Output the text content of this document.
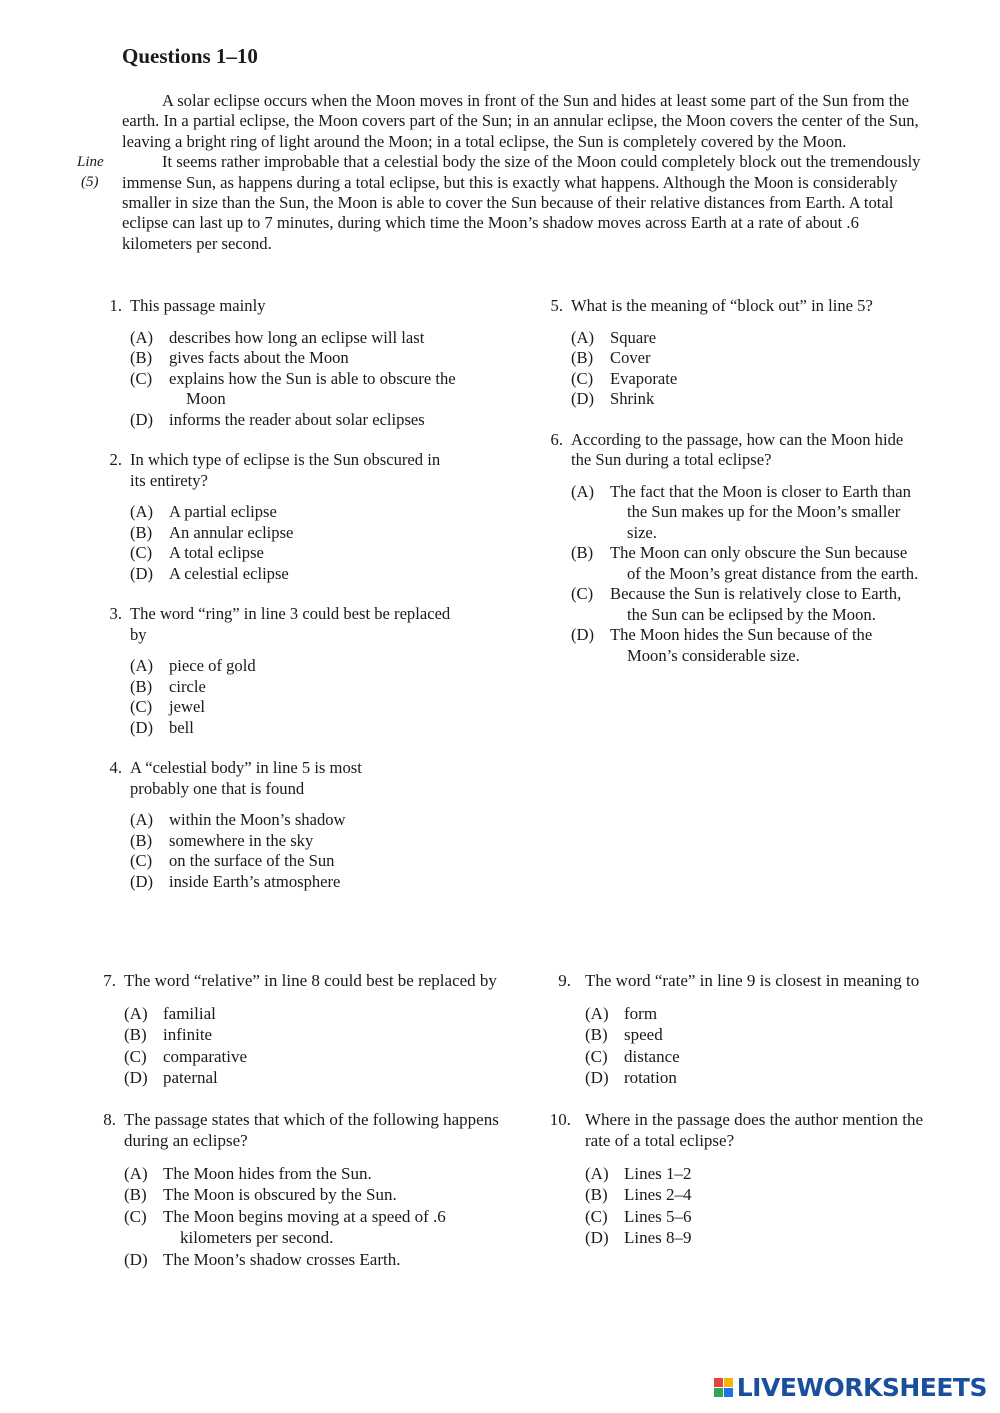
Questions 1–10

A solar eclipse occurs when the Moon moves in front of the Sun and hides at least some part of the Sun from the earth. In a partial eclipse, the Moon covers part of the Sun; in an annular eclipse, the Moon covers the center of the Sun, leaving a bright ring of light around the Moon; in a total eclipse, the Sun is completely covered by the Moon.

It seems rather improbable that a celestial body the size of the Moon could completely block out the tremendously immense Sun, as happens during a total eclipse, but this is exactly what happens. Although the Moon is considerably smaller in size than the Sun, the Moon is able to cover the Sun because of their relative distances from Earth. A total eclipse can last up to 7 minutes, during which time the Moon’s shadow moves across Earth at a rate of about .6 kilometers per second.

Line
(5)
1. This passage mainly

(A) describes how long an eclipse will last
(B) gives facts about the Moon
(C) explains how the Sun is able to obscure the Moon
(D) informs the reader about solar eclipses
2. In which type of eclipse is the Sun obscured in its entirety?

(A) A partial eclipse
(B) An annular eclipse
(C) A total eclipse
(D) A celestial eclipse
3. The word “ring” in line 3 could best be replaced by

(A) piece of gold
(B) circle
(C) jewel
(D) bell
4. A “celestial body” in line 5 is most probably one that is found

(A) within the Moon’s shadow
(B) somewhere in the sky
(C) on the surface of the Sun
(D) inside Earth’s atmosphere
5. What is the meaning of “block out” in line 5?

(A) Square
(B) Cover
(C) Evaporate
(D) Shrink
6. According to the passage, how can the Moon hide the Sun during a total eclipse?

(A) The fact that the Moon is closer to Earth than the Sun makes up for the Moon’s smaller size.
(B) The Moon can only obscure the Sun because of the Moon’s great distance from the earth.
(C) Because the Sun is relatively close to Earth, the Sun can be eclipsed by the Moon.
(D) The Moon hides the Sun because of the Moon’s considerable size.
7. The word “relative” in line 8 could best be replaced by

(A) familial
(B) infinite
(C) comparative
(D) paternal
8. The passage states that which of the following happens during an eclipse?

(A) The Moon hides from the Sun.
(B) The Moon is obscured by the Sun.
(C) The Moon begins moving at a speed of .6 kilometers per second.
(D) The Moon’s shadow crosses Earth.
9. The word “rate” in line 9 is closest in meaning to

(A) form
(B) speed
(C) distance
(D) rotation
10. Where in the passage does the author mention the rate of a total eclipse?

(A) Lines 1–2
(B) Lines 2–4
(C) Lines 5–6
(D) Lines 8–9
LIVEWORKSHEETS
